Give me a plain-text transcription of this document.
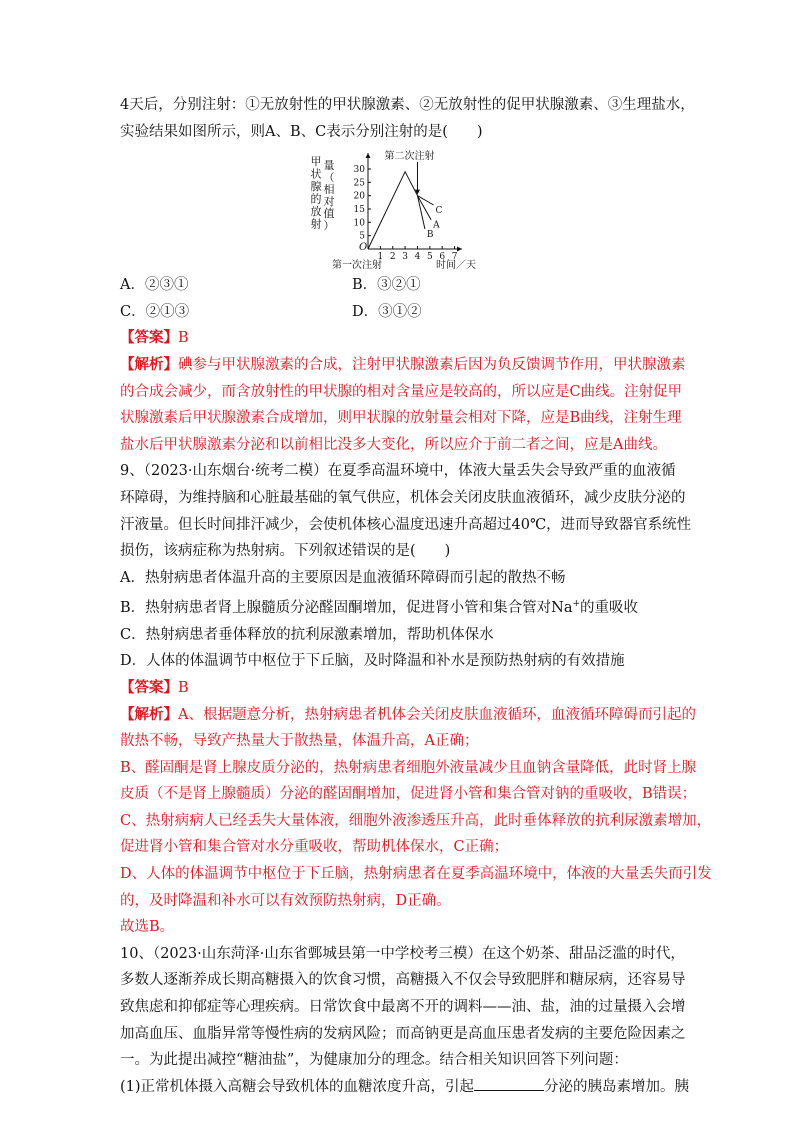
4天后，分别注射：①无放射性的甲状腺激素、②无放射性的促甲状腺激素、③生理盐水，

实验结果如图所示，则A、B、C表示分别注射的是(　　)

1 2 3 4 5 6 7
5
10
15
20
25
30
O
C
A
B
第二次注射
第一次注射	时间／天
甲
状
腺
的
放
射
量
（
相
对
值
）
A．②③①	B．③②①
C．②①③	D．③①②

【答案】B

【解析】碘参与甲状腺激素的合成，注射甲状腺激素后因为负反馈调节作用，甲状腺激素

的合成会减少，而含放射性的甲状腺的相对含量应是较高的，所以应是C曲线。注射促甲

状腺激素后甲状腺激素合成增加，则甲状腺的放射量会相对下降，应是B曲线，注射生理

盐水后甲状腺激素分泌和以前相比没多大变化，所以应介于前二者之间，应是A曲线。

9、（2023·山东烟台·统考二模）在夏季高温环境中，体液大量丢失会导致严重的血液循

环障碍，为维持脑和心脏最基础的氧气供应，机体会关闭皮肤血液循环，减少皮肤分泌的

汗液量。但长时间排汗减少，会使机体核心温度迅速升高超过40℃，进而导致器官系统性

损伤，该病症称为热射病。下列叙述错误的是(　　)

A．热射病患者体温升高的主要原因是血液循环障碍而引起的散热不畅

B．热射病患者肾上腺髓质分泌醛固酮增加，促进肾小管和集合管对Na+的重吸收

C．热射病患者垂体释放的抗利尿激素增加，帮助机体保水

D．人体的体温调节中枢位于下丘脑，及时降温和补水是预防热射病的有效措施

【答案】B

【解析】A、根据题意分析，热射病患者机体会关闭皮肤血液循环，血液循环障碍而引起的

散热不畅，导致产热量大于散热量，体温升高，A正确；

B、醛固酮是肾上腺皮质分泌的，热射病患者细胞外液量减少且血钠含量降低，此时肾上腺

皮质（不是肾上腺髓质）分泌的醛固酮增加，促进肾小管和集合管对钠的重吸收，B错误；

C、热射病病人已经丢失大量体液，细胞外液渗透压升高，此时垂体释放的抗利尿激素增加，

促进肾小管和集合管对水分重吸收，帮助机体保水，C正确；

D、人体的体温调节中枢位于下丘脑，热射病患者在夏季高温环境中，体液的大量丢失而引发

的，及时降温和补水可以有效预防热射病，D正确。

故选B。

10、（2023·山东菏泽·山东省鄄城县第一中学校考三模）在这个奶茶、甜品泛滥的时代，

多数人逐渐养成长期高糖摄入的饮食习惯，高糖摄入不仅会导致肥胖和糖尿病，还容易导

致焦虑和抑郁症等心理疾病。日常饮食中最离不开的调料——油、盐，油的过量摄入会增

加高血压、血脂异常等慢性病的发病风险；而高钠更是高血压患者发病的主要危险因素之

一。为此提出减控“糖油盐”，为健康加分的理念。结合相关知识回答下列问题：

(1)正常机体摄入高糖会导致机体的血糖浓度升高，引起	分泌的胰岛素增加。胰
